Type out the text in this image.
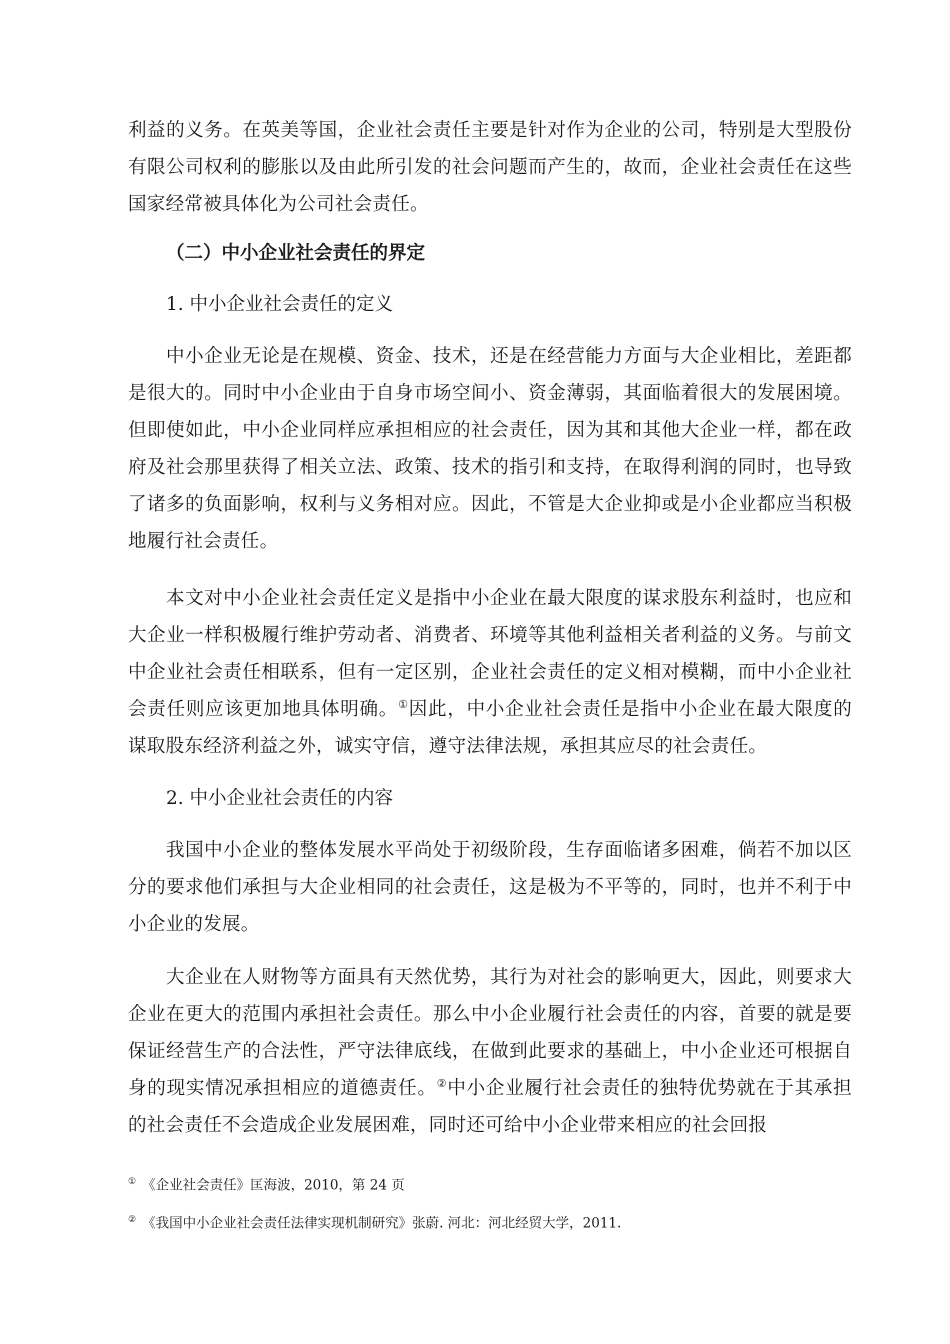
利益的义务。在英美等国，企业社会责任主要是针对作为企业的公司，特别是大型股份有限公司权利的膨胀以及由此所引发的社会问题而产生的，故而，企业社会责任在这些国家经常被具体化为公司社会责任。

（二）中小企业社会责任的界定

1. 中小企业社会责任的定义

中小企业无论是在规模、资金、技术，还是在经营能力方面与大企业相比，差距都是很大的。同时中小企业由于自身市场空间小、资金薄弱，其面临着很大的发展困境。但即使如此，中小企业同样应承担相应的社会责任，因为其和其他大企业一样，都在政府及社会那里获得了相关立法、政策、技术的指引和支持，在取得利润的同时，也导致了诸多的负面影响，权利与义务相对应。因此，不管是大企业抑或是小企业都应当积极地履行社会责任。

本文对中小企业社会责任定义是指中小企业在最大限度的谋求股东利益时，也应和大企业一样积极履行维护劳动者、消费者、环境等其他利益相关者利益的义务。与前文中企业社会责任相联系，但有一定区别，企业社会责任的定义相对模糊，而中小企业社会责任则应该更加地具体明确。①因此，中小企业社会责任是指中小企业在最大限度的谋取股东经济利益之外，诚实守信，遵守法律法规，承担其应尽的社会责任。

2. 中小企业社会责任的内容

我国中小企业的整体发展水平尚处于初级阶段，生存面临诸多困难，倘若不加以区分的要求他们承担与大企业相同的社会责任，这是极为不平等的，同时，也并不利于中小企业的发展。

大企业在人财物等方面具有天然优势，其行为对社会的影响更大，因此，则要求大企业在更大的范围内承担社会责任。那么中小企业履行社会责任的内容，首要的就是要保证经营生产的合法性，严守法律底线，在做到此要求的基础上，中小企业还可根据自身的现实情况承担相应的道德责任。②中小企业履行社会责任的独特优势就在于其承担的社会责任不会造成企业发展困难，同时还可给中小企业带来相应的社会回报

① 《企业社会责任》匡海波，2010，第 24 页

② 《我国中小企业社会责任法律实现机制研究》张蔚. 河北：河北经贸大学，2011.
